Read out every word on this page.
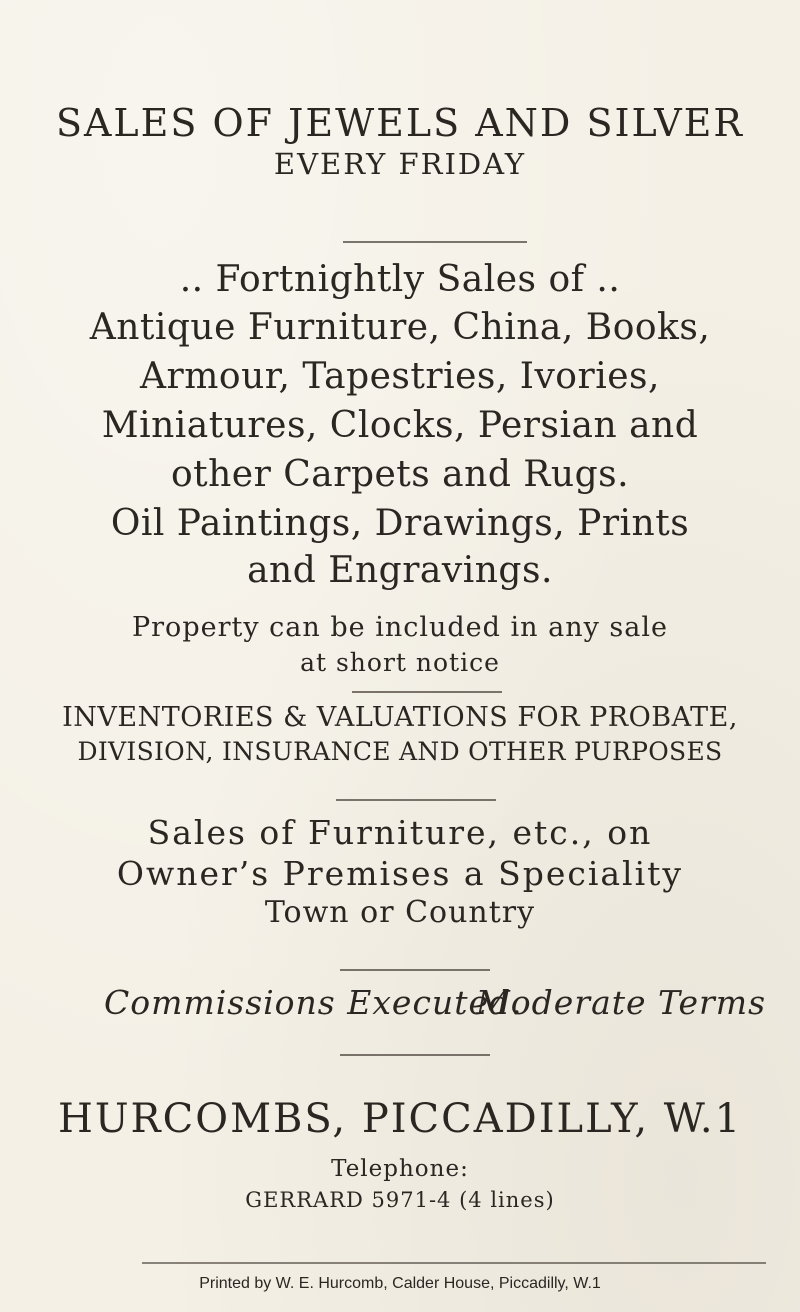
SALES OF JEWELS AND SILVER
EVERY FRIDAY
.. Fortnightly Sales of ..
Antique Furniture, China, Books,
Armour, Tapestries, Ivories,
Miniatures, Clocks, Persian and
other Carpets and Rugs.
Oil Paintings, Drawings, Prints
and Engravings.
Property can be included in any sale
at short notice
INVENTORIES & VALUATIONS FOR PROBATE,
DIVISION, INSURANCE AND OTHER PURPOSES
Sales of Furniture, etc., on
Owner’s Premises a Speciality
Town or Country
Commissions Executed.
Moderate Terms
HURCOMBS, PICCADILLY, W.1
Telephone:
GERRARD 5971-4 (4 lines)
Printed by W. E. Hurcomb, Calder House, Piccadilly, W.1
